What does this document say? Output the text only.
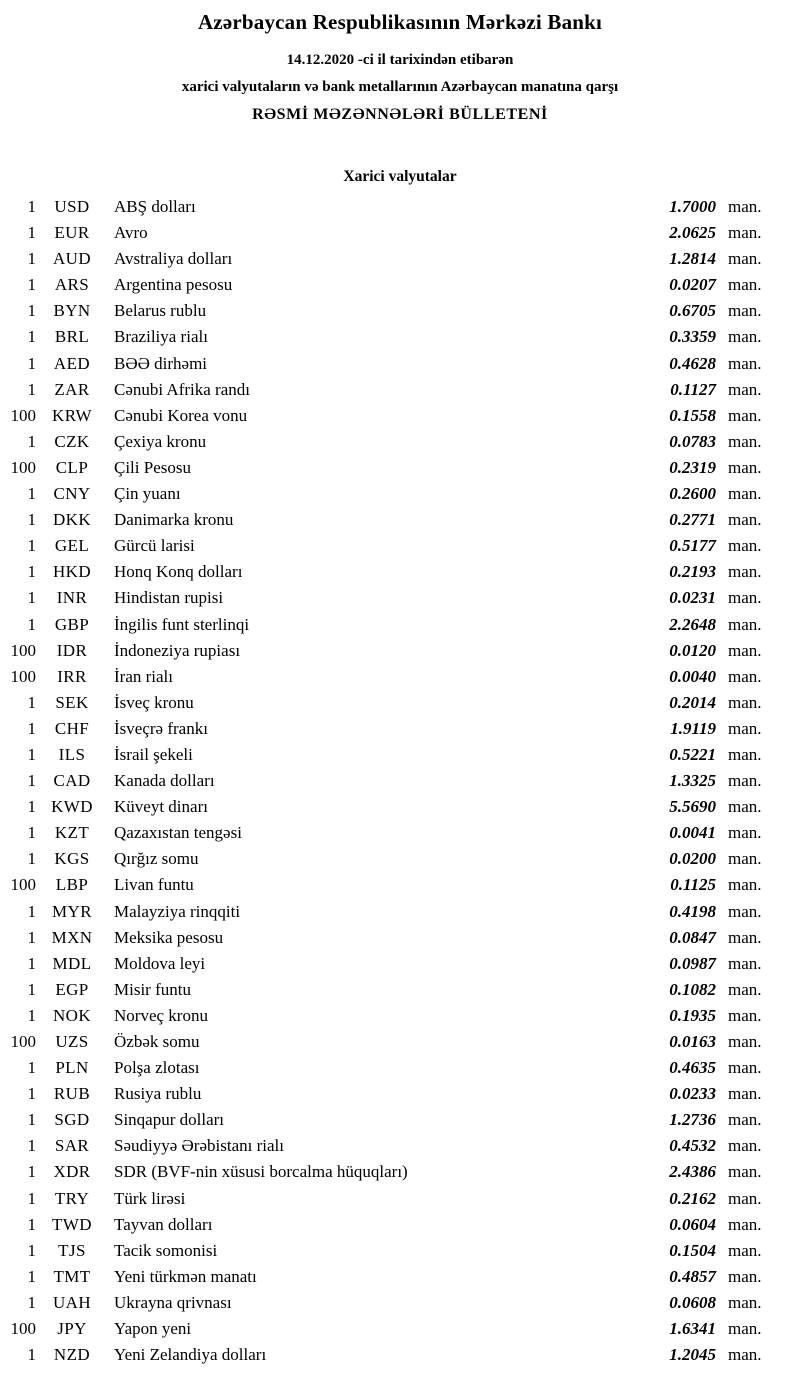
Azərbaycan Respublikasının Mərkəzi Bankı
14.12.2020 -ci il tarixindən etibarən
xarici valyutaların və bank metallarının Azərbaycan manatına qarşı
RƏSMİ MƏZƏNNƏLƏRİ BÜLLETENİ
Xarici valyutalar
1	USD	ABŞ dolları	1.7000 man.
1	EUR	Avro	2.0625 man.
1 AUD	Avstraliya dolları	1.2814 man.
1	ARS	Argentina pesosu	0.0207 man.
1	BYN	Belarus rublu	0.6705 man.
1	BRL	Braziliya rialı	0.3359 man.
1	AED	BƏƏ dirhəmi	0.4628 man.
1	ZAR	Cənubi Afrika randı	0.1127 man.
100 KRW	Cənubi Korea vonu	0.1558 man.
1	CZK	Çexiya kronu	0.0783 man.
100	CLP	Çili Pesosu	0.2319 man.
1	CNY	Çin yuanı	0.2600 man.
1 DKK	Danimarka kronu	0.2771 man.
1	GEL	Gürcü larisi	0.5177 man.
1 HKD	Honq Konq dolları	0.2193 man.
1	INR	Hindistan rupisi	0.0231 man.
1	GBP	İngilis funt sterlinqi	2.2648 man.
100	IDR	İndoneziya rupiası	0.0120 man.
100	IRR	İran rialı	0.0040 man.
1	SEK	İsveç kronu	0.2014 man.
1	CHF	İsveçrə frankı	1.9119 man.
1	ILS	İsrail şekeli	0.5221 man.
1	CAD	Kanada dolları	1.3325 man.
1 KWD	Küveyt dinarı	5.5690 man.
1	KZT	Qazaxıstan tengəsi	0.0041 man.
1	KGS	Qırğız somu	0.0200 man.
100	LBP	Livan funtu	0.1125 man.
1 MYR	Malayziya rinqqiti	0.4198 man.
1 MXN	Meksika pesosu	0.0847 man.
1 MDL	Moldova leyi	0.0987 man.
1	EGP	Misir funtu	0.1082 man.
1 NOK	Norveç kronu	0.1935 man.
100	UZS	Özbək somu	0.0163 man.
1	PLN	Polşa zlotası	0.4635 man.
1	RUB	Rusiya rublu	0.0233 man.
1	SGD	Sinqapur dolları	1.2736 man.
1	SAR	Səudiyyə Ərəbistanı rialı	0.4532 man.
1	XDR	SDR (BVF-nin xüsusi borcalma hüquqları)	2.4386 man.
1	TRY	Türk lirəsi	0.2162 man.
1 TWD	Tayvan dolları	0.0604 man.
1	TJS	Tacik somonisi	0.1504 man.
1	TMT	Yeni türkmən manatı	0.4857 man.
1 UAH	Ukrayna qrivnası	0.0608 man.
100	JPY	Yapon yeni	1.6341 man.
1	NZD	Yeni Zelandiya dolları	1.2045 man.
